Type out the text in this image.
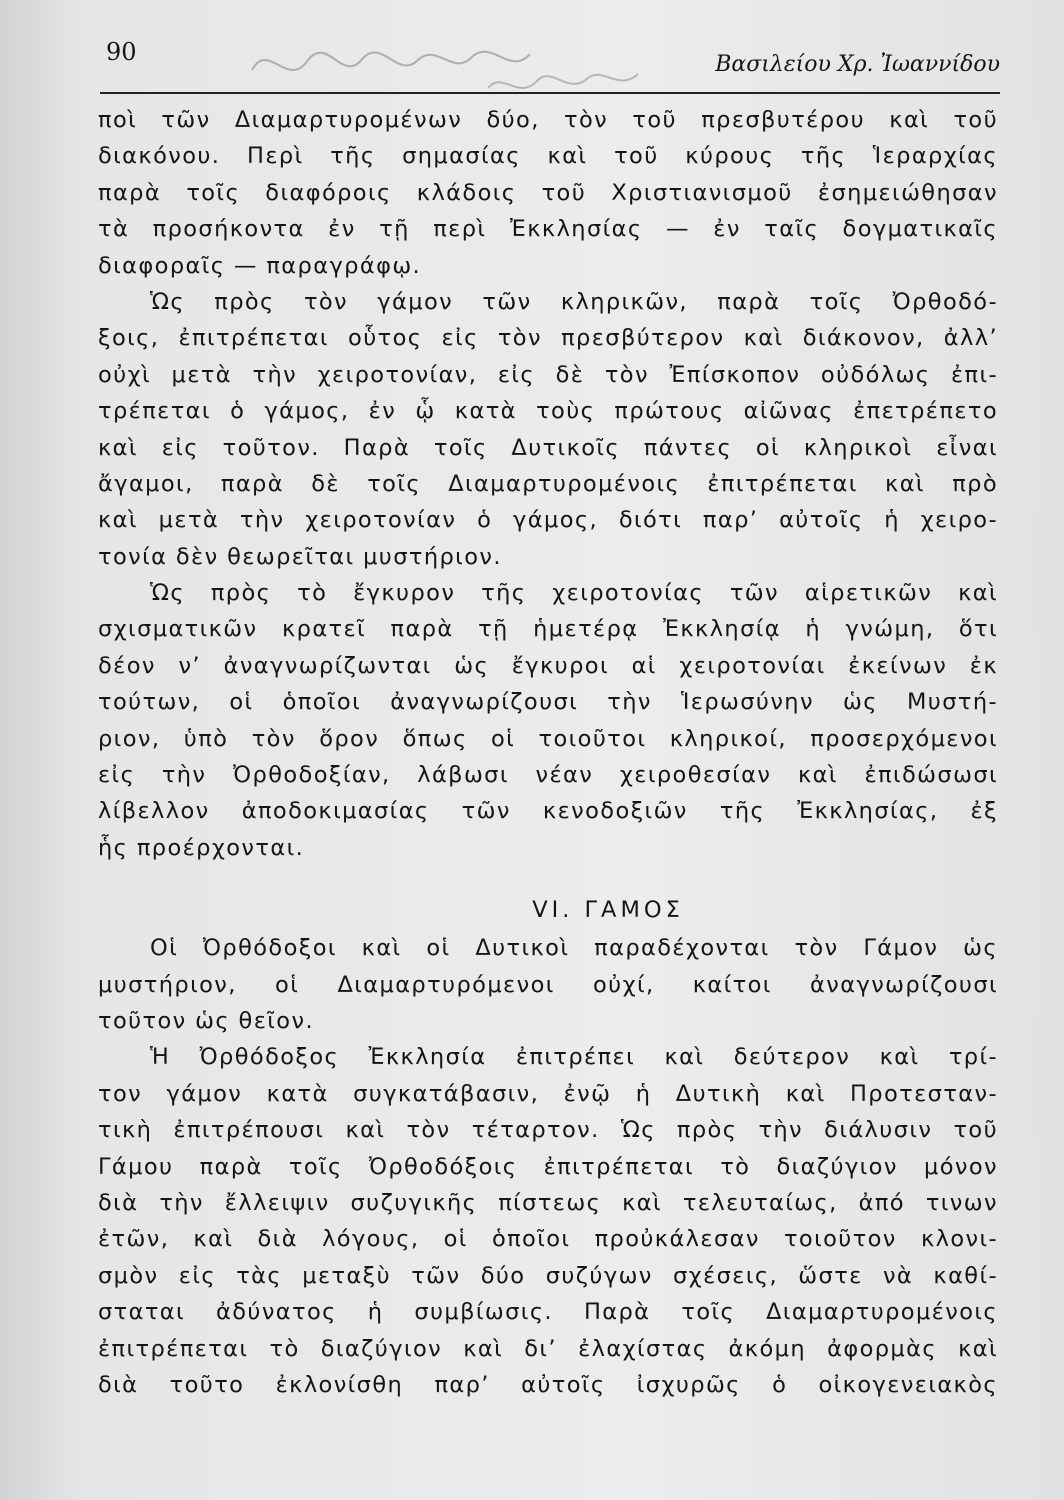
90	Βασιλείου Χρ. Ἰωαννίδου
ποὶ τῶν Διαμαρτυρομένων δύο, τὸν τοῦ πρεσβυτέρου καὶ τοῦ
διακόνου. Περὶ τῆς σημασίας καὶ τοῦ κύρους τῆς Ἱεραρχίας
παρὰ τοῖς διαφόροις κλάδοις τοῦ Χριστιανισμοῦ ἐσημειώθησαν
τὰ προσήκοντα ἐν τῇ περὶ Ἐκκλησίας — ἐν ταῖς δογματικαῖς
διαφοραῖς — παραγράφῳ.
Ὡς πρὸς τὸν γάμον τῶν κληρικῶν, παρὰ τοῖς Ὀρθοδό-
ξοις, ἐπιτρέπεται οὗτος εἰς τὸν πρεσβύτερον καὶ διάκονον, ἀλλ’
οὐχὶ μετὰ τὴν χειροτονίαν, εἰς δὲ τὸν Ἐπίσκοπον οὐδόλως ἐπι-
τρέπεται ὁ γάμος, ἐν ᾧ κατὰ τοὺς πρώτους αἰῶνας ἐπετρέπετο
καὶ εἰς τοῦτον. Παρὰ τοῖς Δυτικοῖς πάντες οἱ κληρικοὶ εἶναι
ἄγαμοι, παρὰ δὲ τοῖς Διαμαρτυρομένοις ἐπιτρέπεται καὶ πρὸ
καὶ μετὰ τὴν χειροτονίαν ὁ γάμος, διότι παρ’ αὐτοῖς ἡ χειρο-
τονία δὲν θεωρεῖται μυστήριον.
Ὡς πρὸς τὸ ἔγκυρον τῆς χειροτονίας τῶν αἱρετικῶν καὶ
σχισματικῶν κρατεῖ παρὰ τῇ ἡμετέρᾳ Ἐκκλησίᾳ ἡ γνώμη, ὅτι
δέον ν’ ἀναγνωρίζωνται ὡς ἔγκυροι αἱ χειροτονίαι ἐκείνων ἐκ
τούτων, οἱ ὁποῖοι ἀναγνωρίζουσι τὴν Ἱερωσύνην ὡς Μυστή-
ριον, ὑπὸ τὸν ὅρον ὅπως οἱ τοιοῦτοι κληρικοί, προσερχόμενοι
εἰς τὴν Ὀρθοδοξίαν, λάβωσι νέαν χειροθεσίαν καὶ ἐπιδώσωσι
λίβελλον ἀποδοκιμασίας τῶν κενοδοξιῶν τῆς Ἐκκλησίας, ἐξ
ἧς προέρχονται.
VI. ΓΑΜΟΣ
Οἱ Ὀρθόδοξοι καὶ οἱ Δυτικοὶ παραδέχονται τὸν Γάμον ὡς
μυστήριον, οἱ Διαμαρτυρόμενοι οὐχί, καίτοι ἀναγνωρίζουσι
τοῦτον ὡς θεῖον.
Ἡ Ὀρθόδοξος Ἐκκλησία ἐπιτρέπει καὶ δεύτερον καὶ τρί-
τον γάμον κατὰ συγκατάβασιν, ἐνῷ ἡ Δυτικὴ καὶ Προτεσταν-
τικὴ ἐπιτρέπουσι καὶ τὸν τέταρτον. Ὡς πρὸς τὴν διάλυσιν τοῦ
Γάμου παρὰ τοῖς Ὀρθοδόξοις ἐπιτρέπεται τὸ διαζύγιον μόνον
διὰ τὴν ἔλλειψιν συζυγικῆς πίστεως καὶ τελευταίως, ἀπό τινων
ἐτῶν, καὶ διὰ λόγους, οἱ ὁποῖοι προὐκάλεσαν τοιοῦτον κλονι-
σμὸν εἰς τὰς μεταξὺ τῶν δύο συζύγων σχέσεις, ὥστε νὰ καθί-
σταται ἀδύνατος ἡ συμβίωσις. Παρὰ τοῖς Διαμαρτυρομένοις
ἐπιτρέπεται τὸ διαζύγιον καὶ δι’ ἐλαχίστας ἀκόμη ἀφορμὰς καὶ
διὰ τοῦτο ἐκλονίσθη παρ’ αὐτοῖς ἰσχυρῶς ὁ οἰκογενειακὸς
